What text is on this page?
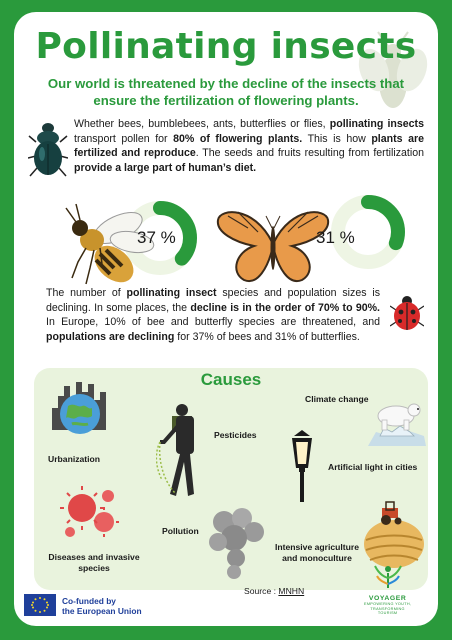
Pollinating insects
Our world is threatened by the decline of the insects that ensure the fertilization of flowering plants.
Whether bees, bumblebees, ants, butterflies or flies, pollinating insects transport pollen for 80% of flowering plants. This is how plants are fertilized and reproduce. The seeds and fruits resulting from fertilization provide a large part of human’s diet.
37 %	31 %
The number of pollinating insect species and population sizes is declining. In some places, the decline is in the order of 70% to 90%. In Europe, 10% of bee and butterfly species are threatened, and populations are declining for 37% of bees and 31% of butterflies.
Causes
Urbanization
Pesticides
Climate change
Artificial light in cities
Diseases and invasive species
Pollution
Intensive agriculture and monoculture
Source : MNHN
Co-funded by
the European Union
VOYAGER
EMPOWERING YOUTH,
TRANSFORMING
TOURISM
